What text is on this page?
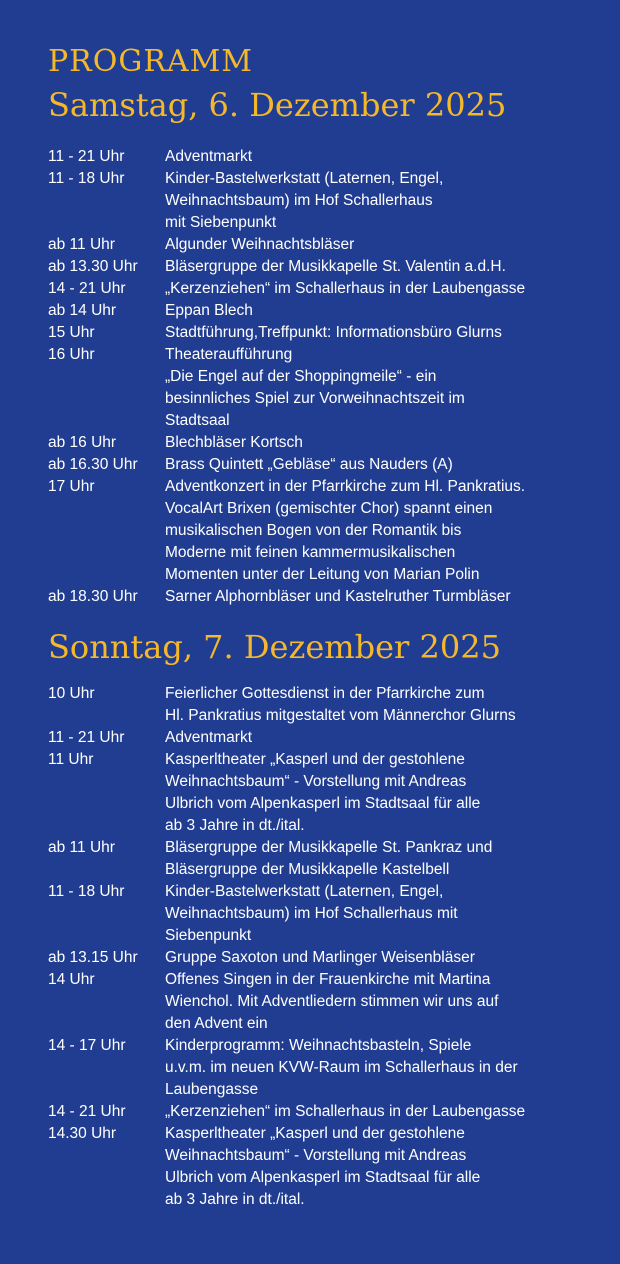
PROGRAMM
Samstag, 6. Dezember 2025
11 - 21 Uhr	Adventmarkt
11 - 18 Uhr	Kinder-Bastelwerkstatt (Laternen, Engel,
Weihnachtsbaum) im Hof Schallerhaus
mit Siebenpunkt
ab 11 Uhr	Algunder Weihnachtsbläser
ab 13.30 Uhr	Bläsergruppe der Musikkapelle St. Valentin a.d.H.
14 - 21 Uhr	„Kerzenziehen“ im Schallerhaus in der Laubengasse
ab 14 Uhr	Eppan Blech
15 Uhr	Stadtführung,Treffpunkt: Informationsbüro Glurns
16 Uhr	Theateraufführung
„Die Engel auf der Shoppingmeile“ - ein
besinnliches Spiel zur Vorweihnachtszeit im
Stadtsaal
ab 16 Uhr	Blechbläser Kortsch
ab 16.30 Uhr	Brass Quintett „Gebläse“ aus Nauders (A)
17 Uhr	Adventkonzert in der Pfarrkirche zum Hl. Pankratius.
VocalArt Brixen (gemischter Chor) spannt einen
musikalischen Bogen von der Romantik bis
Moderne mit feinen kammermusikalischen
Momenten unter der Leitung von Marian Polin
ab 18.30 Uhr	Sarner Alphornbläser und Kastelruther Turmbläser
Sonntag, 7. Dezember 2025
10 Uhr	Feierlicher Gottesdienst in der Pfarrkirche zum
Hl. Pankratius mitgestaltet vom Männerchor Glurns
11 - 21 Uhr	Adventmarkt
11 Uhr	Kasperltheater „Kasperl und der gestohlene
Weihnachtsbaum“ - Vorstellung mit Andreas
Ulbrich vom Alpenkasperl im Stadtsaal für alle
ab 3 Jahre in dt./ital.
ab 11 Uhr	Bläsergruppe der Musikkapelle St. Pankraz und
Bläsergruppe der Musikkapelle Kastelbell
11 - 18 Uhr	Kinder-Bastelwerkstatt (Laternen, Engel,
Weihnachtsbaum) im Hof Schallerhaus mit
Siebenpunkt
ab 13.15 Uhr	Gruppe Saxoton und Marlinger Weisenbläser
14 Uhr	Offenes Singen in der Frauenkirche mit Martina
Wienchol. Mit Adventliedern stimmen wir uns auf
den Advent ein
14 - 17 Uhr	Kinderprogramm: Weihnachtsbasteln, Spiele
u.v.m. im neuen KVW-Raum im Schallerhaus in der
Laubengasse
14 - 21 Uhr	„Kerzenziehen“ im Schallerhaus in der Laubengasse
14.30 Uhr	Kasperltheater „Kasperl und der gestohlene
Weihnachtsbaum“ - Vorstellung mit Andreas
Ulbrich vom Alpenkasperl im Stadtsaal für alle
ab 3 Jahre in dt./ital.
